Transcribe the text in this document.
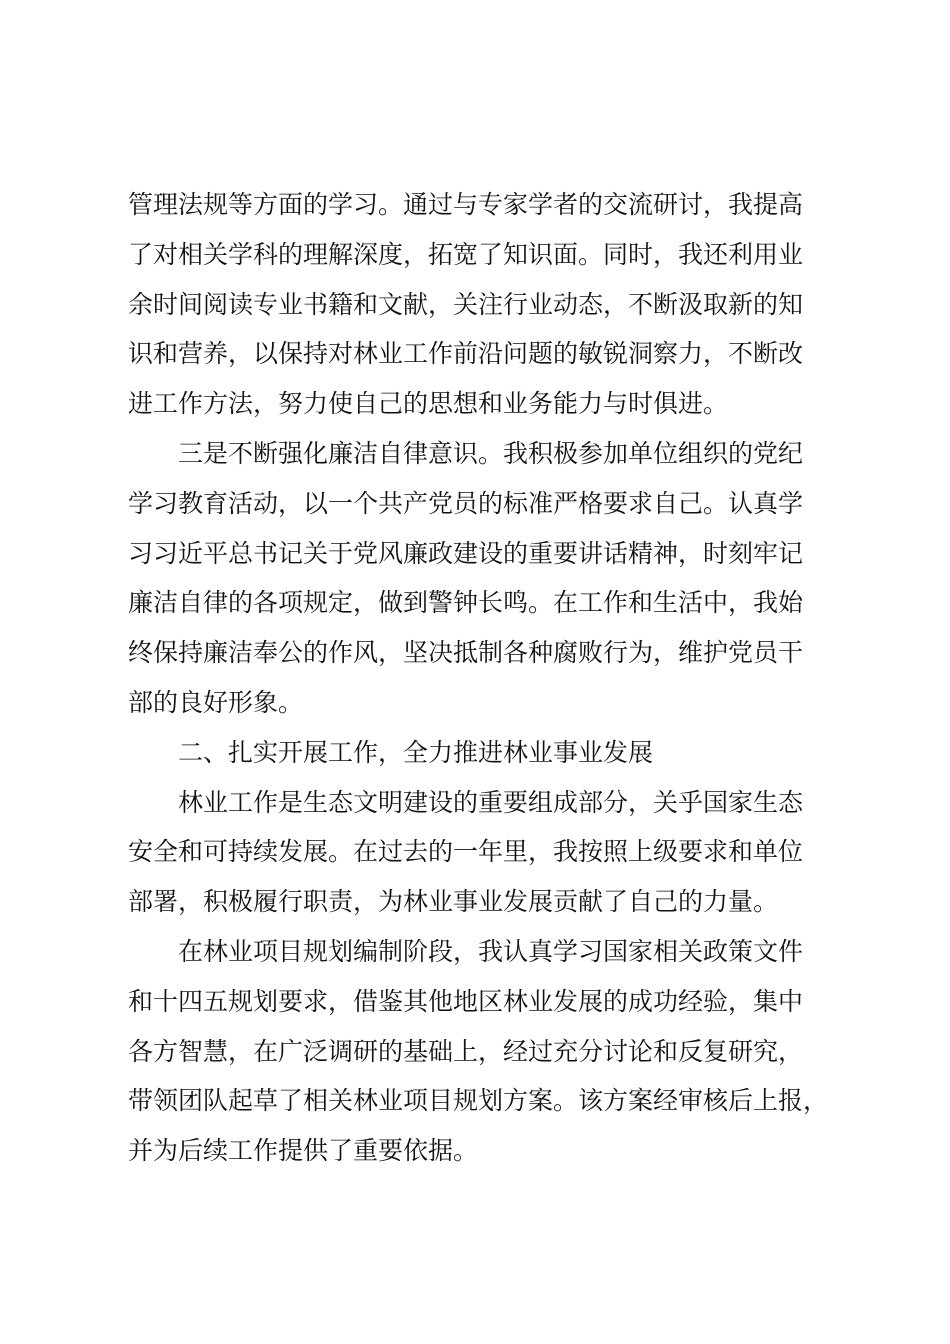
管理法规等方面的学习。通过与专家学者的交流研讨，我提高
了对相关学科的理解深度，拓宽了知识面。同时，我还利用业
余时间阅读专业书籍和文献，关注行业动态，不断汲取新的知
识和营养，以保持对林业工作前沿问题的敏锐洞察力，不断改
进工作方法，努力使自己的思想和业务能力与时俱进。
三是不断强化廉洁自律意识。我积极参加单位组织的党纪
学习教育活动，以一个共产党员的标准严格要求自己。认真学
习习近平总书记关于党风廉政建设的重要讲话精神，时刻牢记
廉洁自律的各项规定，做到警钟长鸣。在工作和生活中，我始
终保持廉洁奉公的作风，坚决抵制各种腐败行为，维护党员干
部的良好形象。
二、扎实开展工作，全力推进林业事业发展
林业工作是生态文明建设的重要组成部分，关乎国家生态
安全和可持续发展。在过去的一年里，我按照上级要求和单位
部署，积极履行职责，为林业事业发展贡献了自己的力量。
在林业项目规划编制阶段，我认真学习国家相关政策文件
和十四五规划要求，借鉴其他地区林业发展的成功经验，集中
各方智慧，在广泛调研的基础上，经过充分讨论和反复研究，
带领团队起草了相关林业项目规划方案。该方案经审核后上报，
并为后续工作提供了重要依据。
